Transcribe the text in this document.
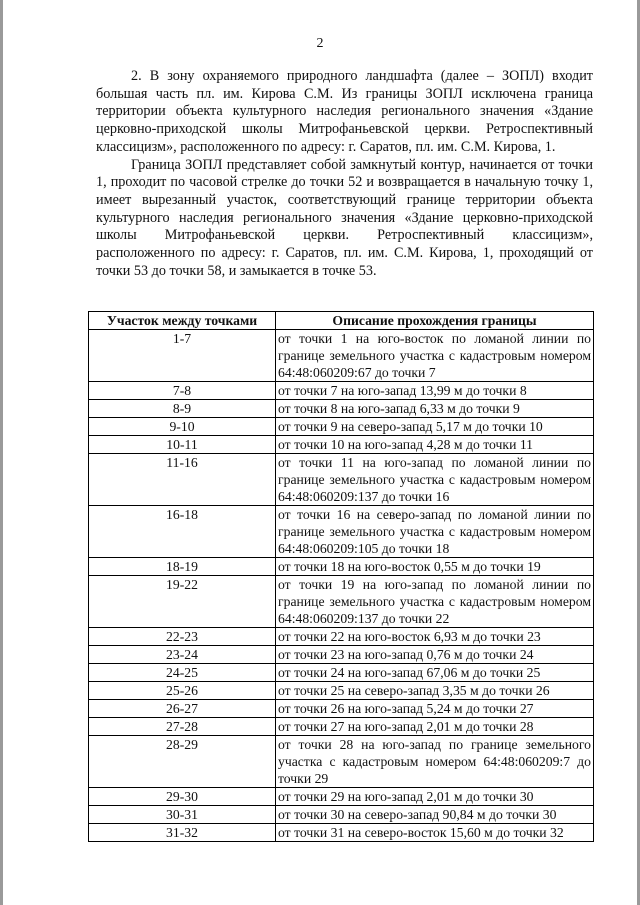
2

2. В зону охраняемого природного ландшафта (далее – ЗОПЛ) входит большая часть пл. им. Кирова С.М. Из границы ЗОПЛ исключена граница территории объекта культурного наследия регионального значения «Здание церковно-приходской школы Митрофаньевской церкви. Ретроспективный классицизм», расположенного по адресу: г. Саратов, пл. им. С.М. Кирова, 1.

Граница ЗОПЛ представляет собой замкнутый контур, начинается от точки 1, проходит по часовой стрелке до точки 52 и возвращается в начальную точку 1, имеет вырезанный участок, соответствующий границе территории объекта культурного наследия регионального значения «Здание церковно-приходской школы Митрофаньевской церкви. Ретроспективный классицизм», расположенного по адресу: г. Саратов, пл. им. С.М. Кирова, 1, проходящий от точки 53 до точки 58, и замыкается в точке 53.

Участок между точками	Описание прохождения границы
1-7	от точки 1 на юго-восток по ломаной линии по границе земельного участка с кадастровым номером 64:48:060209:67 до точки 7
7-8	от точки 7 на юго-запад 13,99 м до точки 8
8-9	от точки 8 на юго-запад 6,33 м до точки 9
9-10	от точки 9 на северо-запад 5,17 м до точки 10
10-11	от точки 10 на юго-запад 4,28 м до точки 11
11-16	от точки 11 на юго-запад по ломаной линии по границе земельного участка с кадастровым номером 64:48:060209:137 до точки 16
16-18	от точки 16 на северо-запад по ломаной линии по границе земельного участка с кадастровым номером 64:48:060209:105 до точки 18
18-19	от точки 18 на юго-восток 0,55 м до точки 19
19-22	от точки 19 на юго-запад по ломаной линии по границе земельного участка с кадастровым номером 64:48:060209:137 до точки 22
22-23	от точки 22 на юго-восток 6,93 м до точки 23
23-24	от точки 23 на юго-запад 0,76 м до точки 24
24-25	от точки 24 на юго-запад 67,06 м до точки 25
25-26	от точки 25 на северо-запад 3,35 м до точки 26
26-27	от точки 26 на юго-запад 5,24 м до точки 27
27-28	от точки 27 на юго-запад 2,01 м до точки 28
28-29	от точки 28 на юго-запад по границе земельного участка с кадастровым номером 64:48:060209:7 до точки 29
29-30	от точки 29 на юго-запад 2,01 м до точки 30
30-31	от точки 30 на северо-запад 90,84 м до точки 30
31-32	от точки 31 на северо-восток 15,60 м до точки 32
